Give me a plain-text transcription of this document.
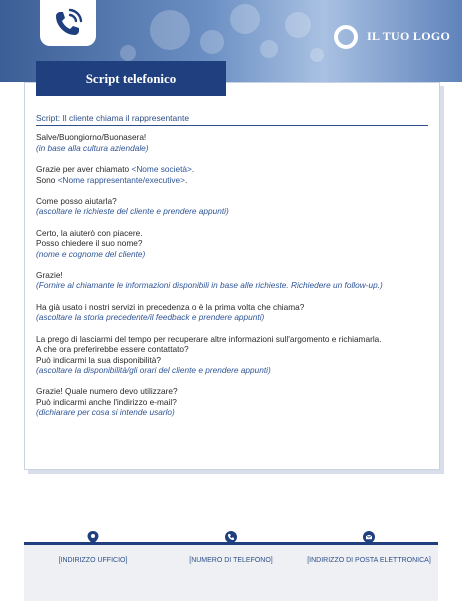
IL TUO LOGO
Script telefonico
Script: Il cliente chiama il rappresentante
Salve/Buongiorno/Buonasera!
(in base alla cultura aziendale)
Grazie per aver chiamato <Nome società>.
Sono <Nome rappresentante/executive>.
Come posso aiutarla?
(ascoltare le richieste del cliente e prendere appunti)
Certo, la aiuterò con piacere.
Posso chiedere il suo nome?
(nome e cognome del cliente)
Grazie!
(Fornire al chiamante le informazioni disponibili in base alle richieste. Richiedere un follow-up.)
Ha già usato i nostri servizi in precedenza o è la prima volta che chiama?
(ascoltare la storia precedente/il feedback e prendere appunti)
La prego di lasciarmi del tempo per recuperare altre informazioni sull'argomento e richiamarla.
A che ora preferirebbe essere contattato?
Può indicarmi la sua disponibilità?
(ascoltare la disponibilità/gli orari del cliente e prendere appunti)
Grazie! Quale numero devo utilizzare?
Può indicarmi anche l'indirizzo e-mail?
(dichiarare per cosa si intende usarlo)
[INDIRIZZO UFFICIO]	[NUMERO DI TELEFONO]	[INDIRIZZO DI POSTA ELETTRONICA]
